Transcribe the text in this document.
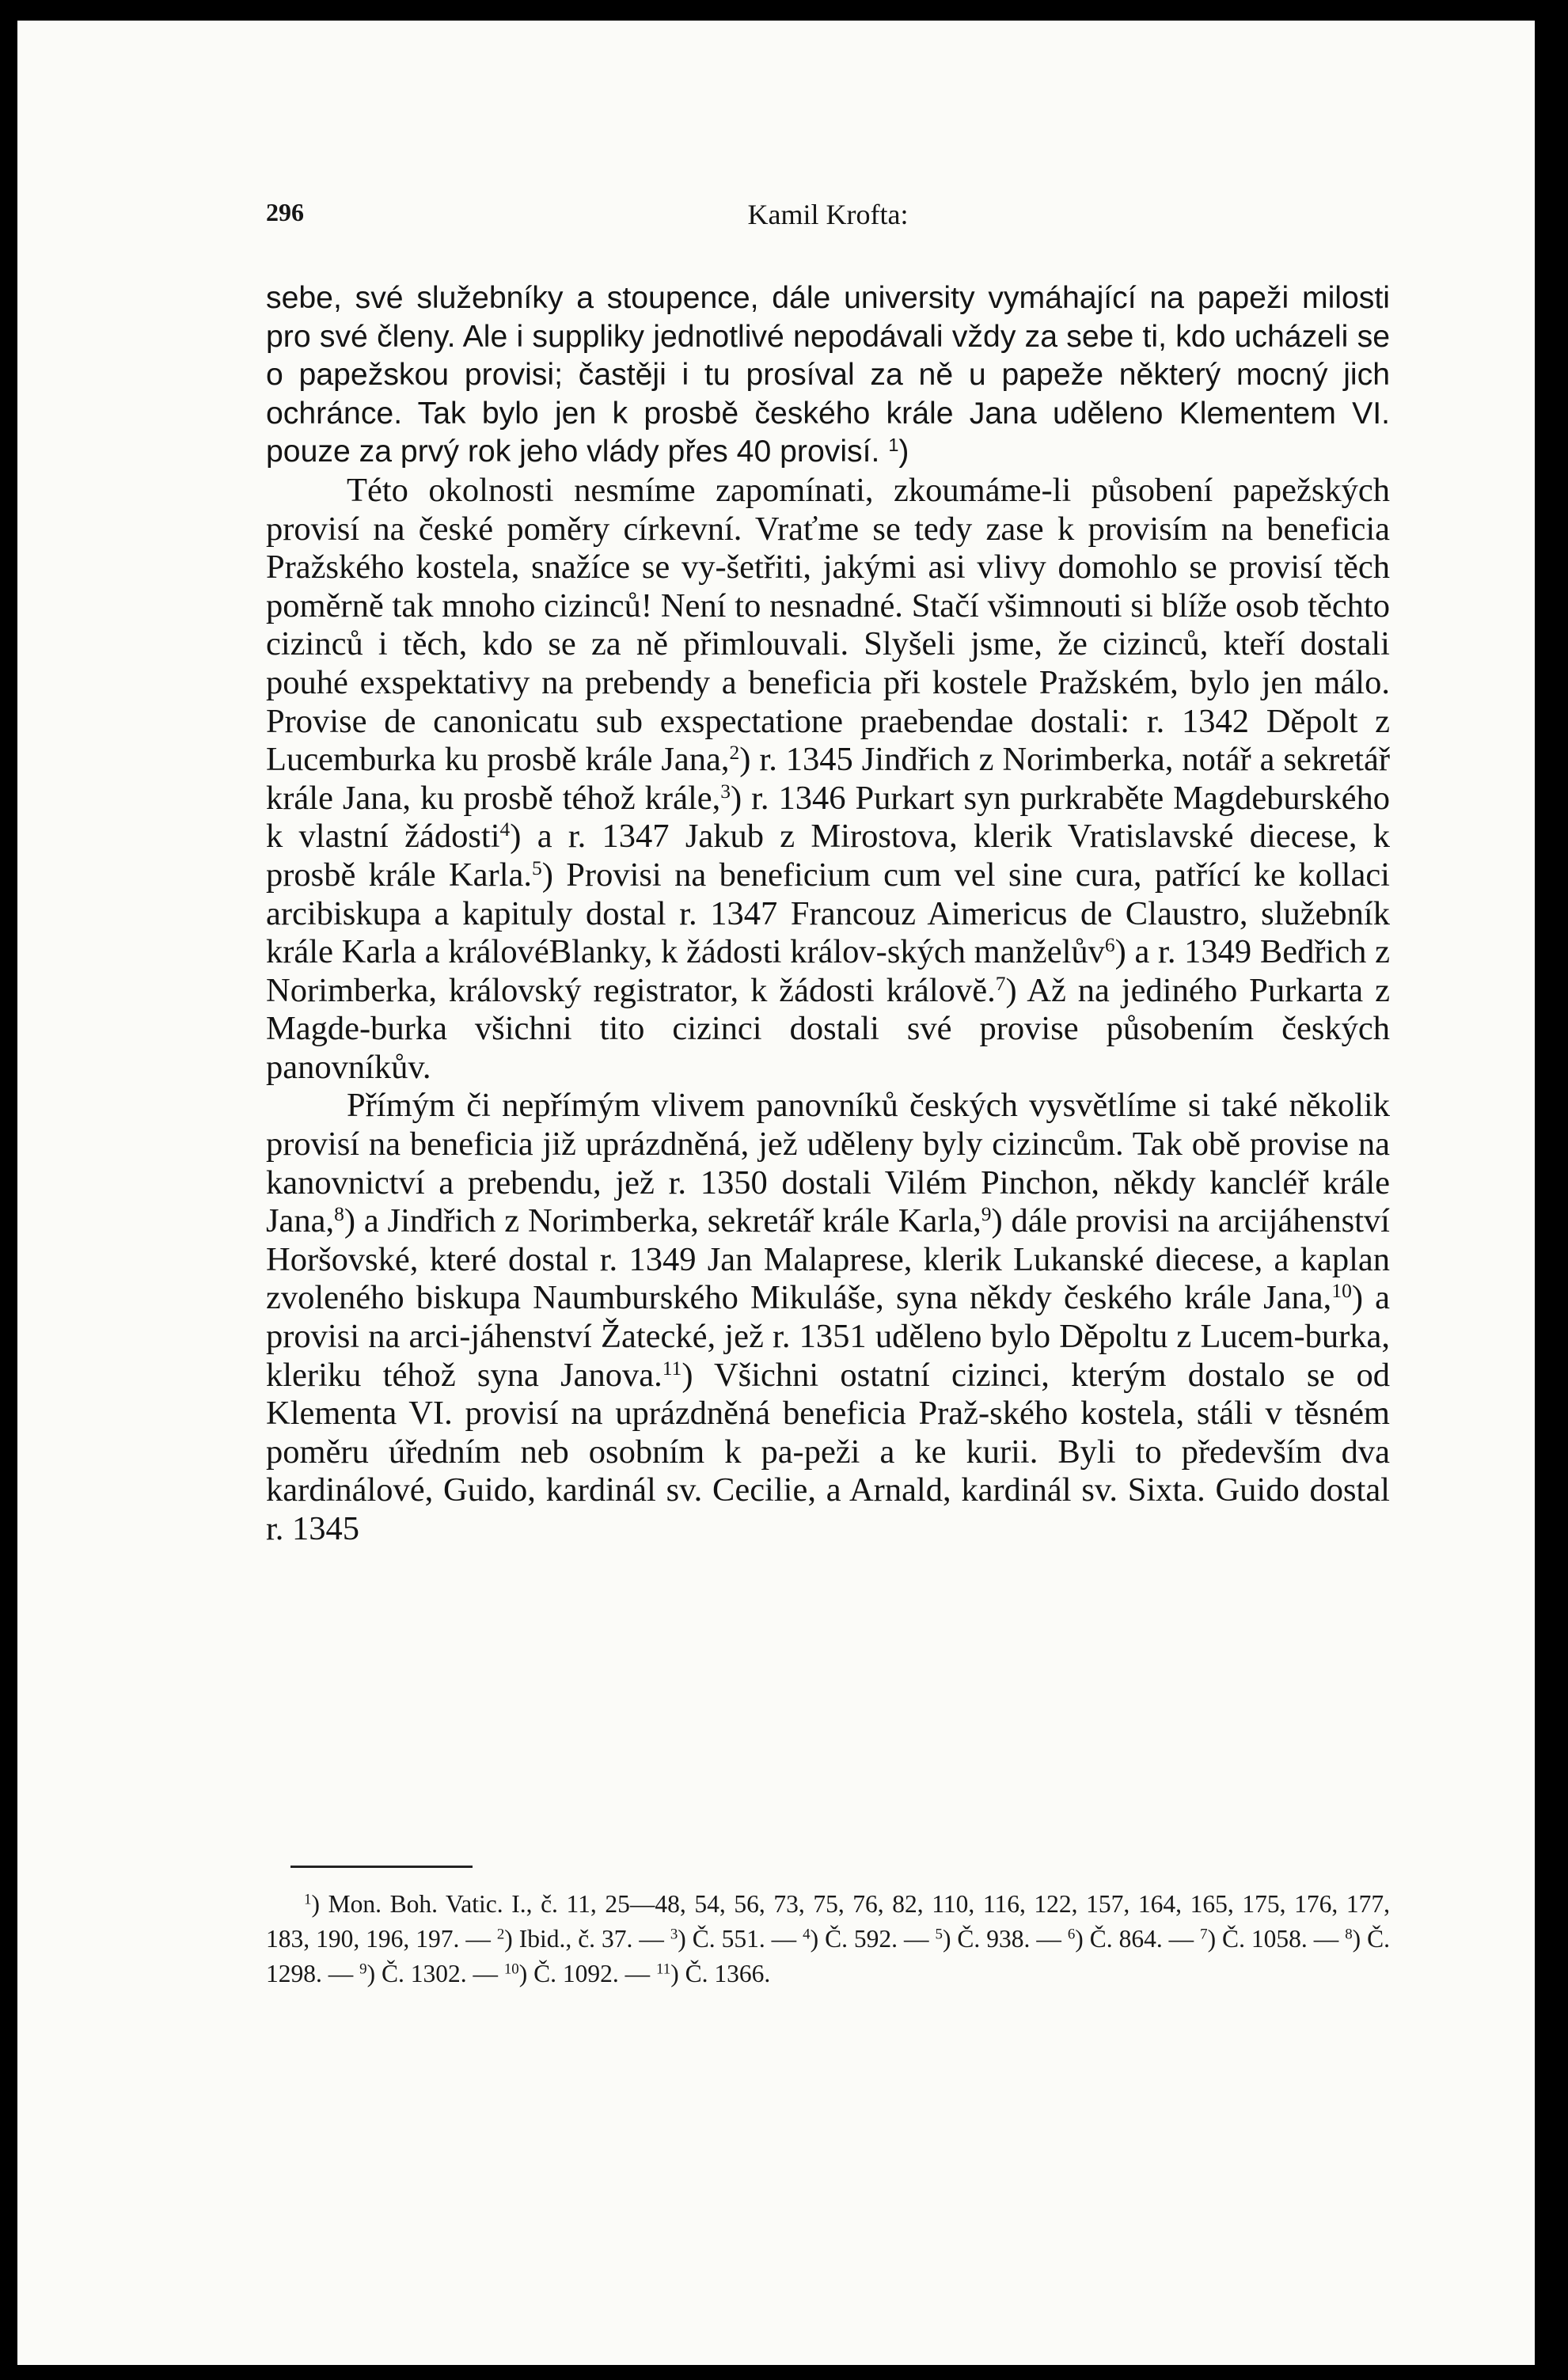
296	Kamil Krofta:

sebe, své služebníky a stoupence, dále university vymáhající na papeži milosti pro své členy. Ale i suppliky jednotlivé nepodávali vždy za sebe ti, kdo ucházeli se o papežskou provisi; častěji i tu prosíval za ně u papeže některý mocný jich ochránce. Tak bylo jen k prosbě českého krále Jana uděleno Klementem VI. pouze za prvý rok jeho vlády přes 40 provisí. $^1$)

Této okolnosti nesmíme zapomínati, zkoumáme-li působení papežských provisí na české poměry církevní. Vraťme se tedy zase k provisím na beneficia Pražského kostela, snažíce se vy-šetřiti, jakými asi vlivy domohlo se provisí těch poměrně tak mnoho cizinců! Není to nesnadné. Stačí všimnouti si blíže osob těchto cizinců i těch, kdo se za ně přimlouvali. Slyšeli jsme, že cizinců, kteří dostali pouhé exspektativy na prebendy a beneficia při kostele Pražském, bylo jen málo. Provise de canonicatu sub exspectatione praebendae dostali: r. 1342 Děpolt z Lucemburka ku prosbě krále Jana,$^2$) r. 1345 Jindřich z Norimberka, notář a sekretář krále Jana, ku prosbě téhož krále,$^3$) r. 1346 Purkart syn purkraběte Magdeburského k vlastní žádosti$^4$) a r. 1347 Jakub z Mirostova, klerik Vratislavské diecese, k prosbě krále Karla.$^5$) Provisi na beneficium cum vel sine cura, patřící ke kollaci arcibiskupa a kapituly dostal r. 1347 Francouz Aimericus de Claustro, služebník krále Karla a královéBlanky, k žádosti králov-ských manželův$^6$) a r. 1349 Bedřich z Norimberka, královský registrator, k žádosti královĕ.$^7$) Až na jediného Purkarta z Magde-burka všichni tito cizinci dostali své provise působením českých panovníkův.

Přímým či nepřímým vlivem panovníků českých vysvětlíme si také několik provisí na beneficia již uprázdněná, jež uděleny byly cizincům. Tak obě provise na kanovnictví a prebendu, jež r. 1350 dostali Vilém Pinchon, někdy kancléř krále Jana,$^8$) a Jindřich z Norimberka, sekretář krále Karla,$^9$) dále provisi na arcijáhenství Horšovské, které dostal r. 1349 Jan Malaprese, klerik Lukanské diecese, a kaplan zvoleného biskupa Naumburského Mikuláše, syna někdy českého krále Jana,$^{10}$) a provisi na arci-jáhenství Žatecké, jež r. 1351 uděleno bylo Děpoltu z Lucem-burka, kleriku téhož syna Janova.$^{11}$) Všichni ostatní cizinci, kterým dostalo se od Klementa VI. provisí na uprázdněná beneficia Praž-ského kostela, stáli v těsném poměru úředním neb osobním k pa-peži a ke kurii. Byli to především dva kardinálové, Guido, kardinál sv. Cecilie, a Arnald, kardinál sv. Sixta. Guido dostal r. 1345

$^1$) Mon. Boh. Vatic. I., č. 11, 25—48, 54, 56, 73, 75, 76, 82, 110, 116, 122, 157, 164, 165, 175, 176, 177, 183, 190, 196, 197. — $^2$) Ibid., č. 37. — $^3$) Č. 551. — $^4$) Č. 592. — $^5$) Č. 938. — $^6$) Č. 864. — $^7$) Č. 1058. — $^8$) Č. 1298. — $^9$) Č. 1302. — $^{10}$) Č. 1092. — $^{11}$) Č. 1366.
